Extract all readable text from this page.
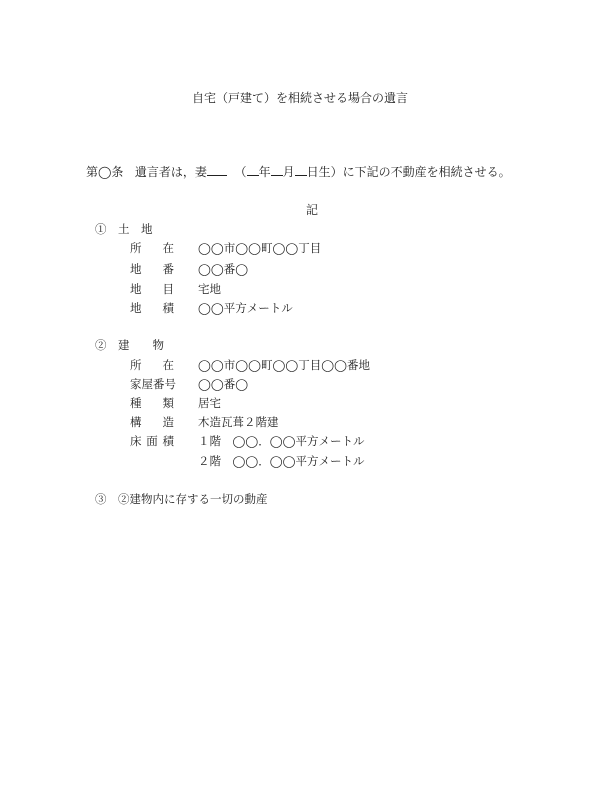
自宅（戸建て）を相続させる場合の遺言
第◯条 遺言者は，妻 （ 年 月 日生）に下記の不動産を相続させる。
記
①　土　地
所在 ◯◯市◯◯町◯◯丁目
地番 ◯◯番◯
地目 宅地
地積 ◯◯平方メートル
②　建　　物
所在 ◯◯市◯◯町◯◯丁目◯◯番地
家屋番号 ◯◯番◯
種類 居宅
構造 木造瓦葺２階建
床面積 １階　◯◯．◯◯平方メートル
２階　◯◯．◯◯平方メートル
③　②建物内に存する一切の動産
